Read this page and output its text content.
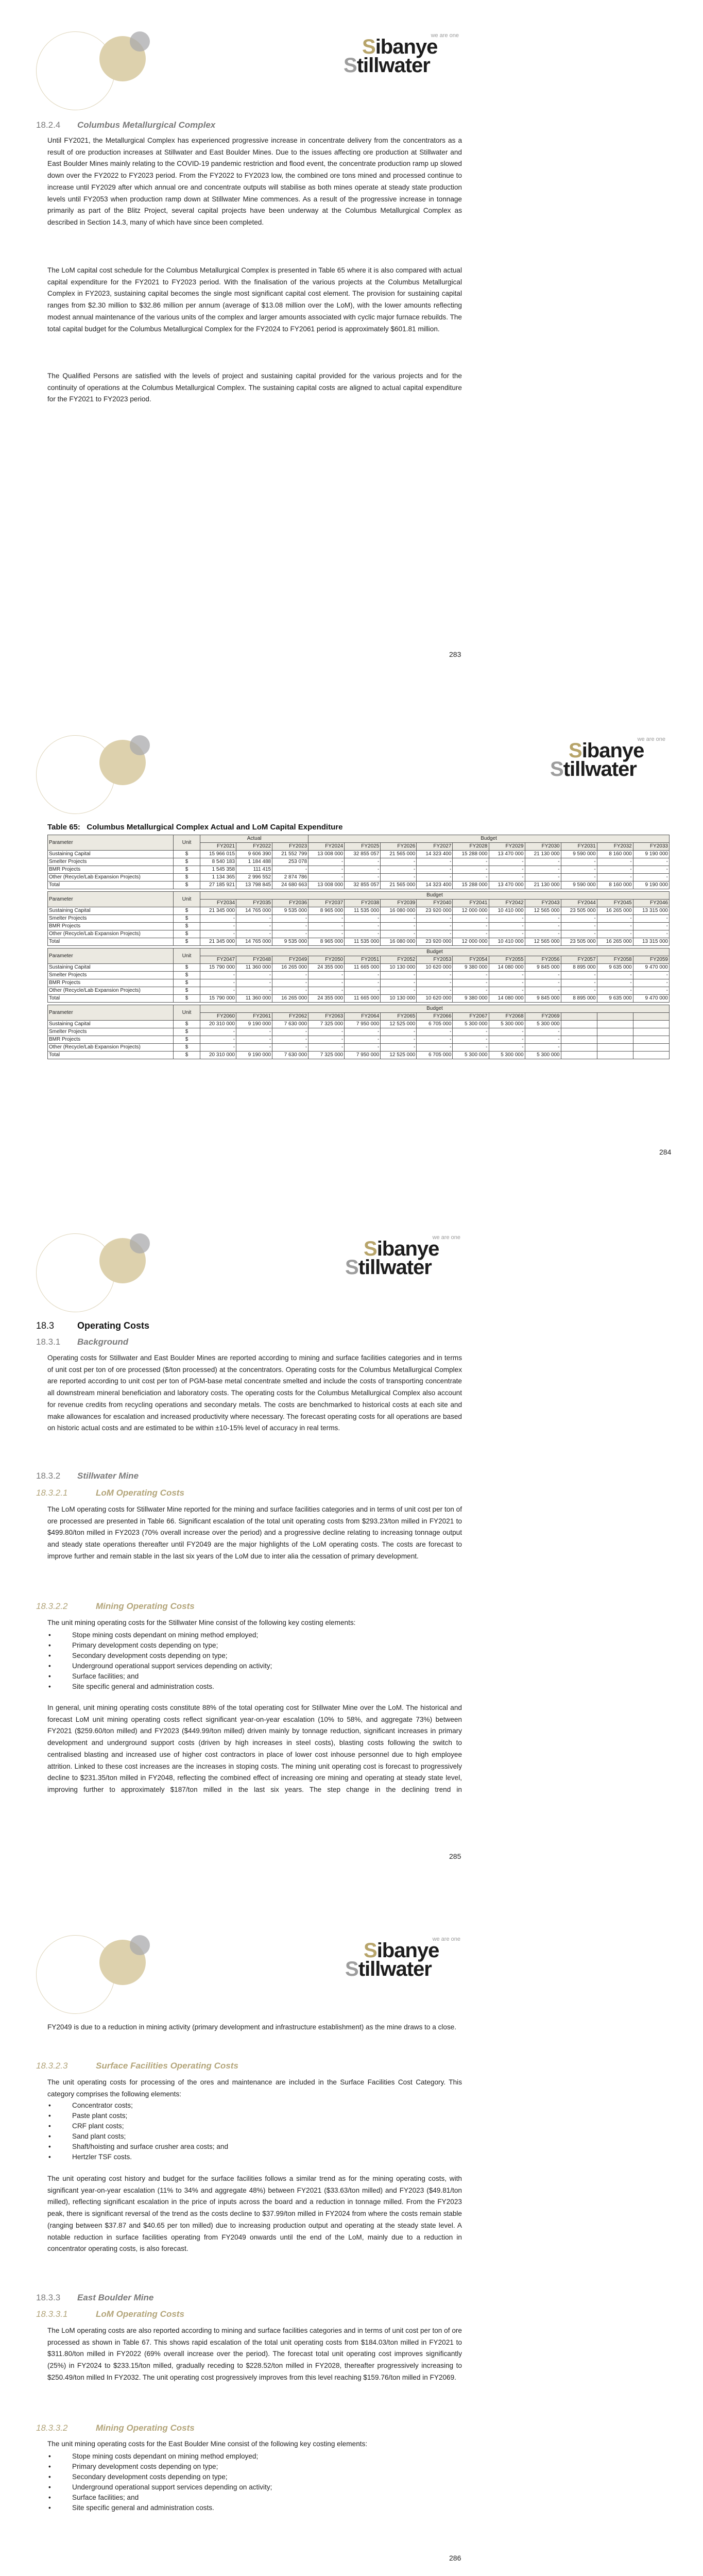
we are one
Sibanye
Stillwater
18.2.4 Columbus Metallurgical Complex
Until FY2021, the Metallurgical Complex has experienced progressive increase in concentrate delivery from the concentrators as a result of ore production increases at Stillwater and East Boulder Mines. Due to the issues affecting ore production at Stillwater and East Boulder Mines mainly relating to the COVID-19 pandemic restriction and flood event, the concentrate production ramp up slowed down over the FY2022 to FY2023 period. From the FY2022 to FY2023 low, the combined ore tons mined and processed continue to increase until FY2029 after which annual ore and concentrate outputs will stabilise as both mines operate at steady state production levels until FY2053 when production ramp down at Stillwater Mine commences. As a result of the progressive increase in tonnage primarily as part of the Blitz Project, several capital projects have been underway at the Columbus Metallurgical Complex as described in Section 14.3, many of which have since been completed.
The LoM capital cost schedule for the Columbus Metallurgical Complex is presented in Table 65 where it is also compared with actual capital expenditure for the FY2021 to FY2023 period. With the finalisation of the various projects at the Columbus Metallurgical Complex in FY2023, sustaining capital becomes the single most significant capital cost element. The provision for sustaining capital ranges from $2.30 million to $32.86 million per annum (average of $13.08 million over the LoM), with the lower amounts reflecting modest annual maintenance of the various units of the complex and larger amounts associated with cyclic major furnace rebuilds. The total capital budget for the Columbus Metallurgical Complex for the FY2024 to FY2061 period is approximately $601.81 million.
The Qualified Persons are satisfied with the levels of project and sustaining capital provided for the various projects and for the continuity of operations at the Columbus Metallurgical Complex. The sustaining capital costs are aligned to actual capital expenditure for the FY2021 to FY2023 period.
283
we are one
Sibanye
Stillwater
Table 65:   Columbus Metallurgical Complex Actual and LoM Capital Expenditure
Parameter	Unit	Actual			Budget									
		FY2021	FY2022	FY2023	FY2024	FY2025	FY2026	FY2027	FY2028	FY2029	FY2030	FY2031	FY2032	FY2033
Sustaining Capital	$	15 966 015	9 606 390	21 552 799	13 008 000	32 855 057	21 565 000	14 323 400	15 288 000	13 470 000	21 130 000	9 590 000	8 160 000	9 190 000
Smelter Projects	$	8 540 183	1 184 488	253 078	-	-	-	-	-	-	-	-	-	-
BMR Projects	$	1 545 358	111 415	-	-	-	-	-	-	-	-	-	-	-
Other (Recycle/Lab Expansion Projects)	$	1 134 365	2 996 552	2 874 786	-	-	-	-	-	-	-	-	-	-
Total	$	27 185 921	13 798 845	24 680 663	13 008 000	32 855 057	21 565 000	14 323 400	15 288 000	13 470 000	21 130 000	9 590 000	8 160 000	9 190 000

Parameter	Unit	Budget												
		FY2034	FY2035	FY2036	FY2037	FY2038	FY2039	FY2040	FY2041	FY2042	FY2043	FY2044	FY2045	FY2046
Sustaining Capital	$	21 345 000	14 765 000	9 535 000	8 965 000	11 535 000	16 080 000	23 920 000	12 000 000	10 410 000	12 565 000	23 505 000	16 265 000	13 315 000
Smelter Projects	$	-	-	-	-	-	-	-	-	-	-	-	-	-
BMR Projects	$	-	-	-	-	-	-	-	-	-	-	-	-	-
Other (Recycle/Lab Expansion Projects)	$	-	-	-	-	-	-	-	-	-	-	-	-	-
Total	$	21 345 000	14 765 000	9 535 000	8 965 000	11 535 000	16 080 000	23 920 000	12 000 000	10 410 000	12 565 000	23 505 000	16 265 000	13 315 000

Parameter	Unit	Budget												
		FY2047	FY2048	FY2049	FY2050	FY2051	FY2052	FY2053	FY2054	FY2055	FY2056	FY2057	FY2058	FY2059
Sustaining Capital	$	15 790 000	11 360 000	16 265 000	24 355 000	11 665 000	10 130 000	10 620 000	9 380 000	14 080 000	9 845 000	8 895 000	9 635 000	9 470 000
Smelter Projects	$	-	-	-	-	-	-	-	-	-	-	-	-	-
BMR Projects	$	-	-	-	-	-	-	-	-	-	-	-	-	-
Other (Recycle/Lab Expansion Projects)	$	-	-	-	-	-	-	-	-	-	-	-	-	-
Total	$	15 790 000	11 360 000	16 265 000	24 355 000	11 665 000	10 130 000	10 620 000	9 380 000	14 080 000	9 845 000	8 895 000	9 635 000	9 470 000

Parameter	Unit	Budget												
		FY2060	FY2061	FY2062	FY2063	FY2064	FY2065	FY2066	FY2067	FY2068	FY2069			
Sustaining Capital	$	20 310 000	9 190 000	7 630 000	7 325 000	7 950 000	12 525 000	6 705 000	5 300 000	5 300 000	5 300 000			
Smelter Projects	$	-	-	-	-	-	-	-	-	-	-			
BMR Projects	$	-	-	-	-	-	-	-	-	-	-			
Other (Recycle/Lab Expansion Projects)	$	-	-	-	-	-	-	-	-	-	-			
Total	$	20 310 000	9 190 000	7 630 000	7 325 000	7 950 000	12 525 000	6 705 000	5 300 000	5 300 000	5 300 000			
284
we are one
Sibanye
Stillwater
18.3 Operating Costs
18.3.1 Background
Operating costs for Stillwater and East Boulder Mines are reported according to mining and surface facilities categories and in terms of unit cost per ton of ore processed ($/ton processed) at the concentrators. Operating costs for the Columbus Metallurgical Complex are reported according to unit cost per ton of PGM-base metal concentrate smelted and include the costs of transporting concentrate all downstream mineral beneficiation and laboratory costs. The operating costs for the Columbus Metallurgical Complex also account for revenue credits from recycling operations and secondary metals. The costs are benchmarked to historical costs at each site and make allowances for escalation and increased productivity where necessary. The forecast operating costs for all operations are based on historic actual costs and are estimated to be within ±10-15% level of accuracy in real terms.
18.3.2 Stillwater Mine
18.3.2.1	LoM Operating Costs
The LoM operating costs for Stillwater Mine reported for the mining and surface facilities categories and in terms of unit cost per ton of ore processed are presented in Table 66. Significant escalation of the total unit operating costs from $293.23/ton milled in FY2021 to $499.80/ton milled in FY2023 (70% overall increase over the period) and a progressive decline relating to increasing tonnage output and steady state operations thereafter until FY2049 are the major highlights of the LoM operating costs. The costs are forecast to improve further and remain stable in the last six years of the LoM due to inter alia the cessation of primary development.
18.3.2.2	Mining Operating Costs
The unit mining operating costs for the Stillwater Mine consist of the following key costing elements:
•	Stope mining costs dependant on mining method employed;
•	Primary development costs depending on type;
•	Secondary development costs depending on type;
•	Underground operational support services depending on activity;
•	Surface facilities; and
•	Site specific general and administration costs.
In general, unit mining operating costs constitute 88% of the total operating cost for Stillwater Mine over the LoM. The historical and forecast LoM unit mining operating costs reflect significant year-on-year escalation (10% to 58%, and aggregate 73%) between FY2021 ($259.60/ton milled) and FY2023 ($449.99/ton milled) driven mainly by tonnage reduction, significant increases in primary development and underground support costs (driven by high increases in steel costs), blasting costs following the switch to centralised blasting and increased use of higher cost contractors in place of lower cost inhouse personnel due to high employee attrition. Linked to these cost increases are the increases in stoping costs. The mining unit operating cost is forecast to progressively decline to $231.35/ton milled in FY2048, reflecting the combined effect of increasing ore mining and operating at steady state level, improving further to approximately $187/ton milled in the last six years. The step change in the declining trend in
285
we are one
Sibanye
Stillwater
FY2049 is due to a reduction in mining activity (primary development and infrastructure establishment) as the mine draws to a close.
18.3.2.3	Surface Facilities Operating Costs
The unit operating costs for processing of the ores and maintenance are included in the Surface Facilities Cost Category. This category comprises the following elements:
•	Concentrator costs;
•	Paste plant costs;
•	CRF plant costs;
•	Sand plant costs;
•	Shaft/hoisting and surface crusher area costs; and
•	Hertzler TSF costs.
The unit operating cost history and budget for the surface facilities follows a similar trend as for the mining operating costs, with significant year-on-year escalation (11% to 34% and aggregate 48%) between FY2021 ($33.63/ton milled) and FY2023 ($49.81/ton milled), reflecting significant escalation in the price of inputs across the board and a reduction in tonnage milled. From the FY2023 peak, there is significant reversal of the trend as the costs decline to $37.99/ton milled in FY2024 from where the costs remain stable (ranging between $37.87 and $40.65 per ton milled) due to increasing production output and operating at the steady state level. A notable reduction in surface facilities operating from FY2049 onwards until the end of the LoM, mainly due to a reduction in concentrator operating costs, is also forecast.
18.3.3 East Boulder Mine
18.3.3.1	LoM Operating Costs
The LoM operating costs are also reported according to mining and surface facilities categories and in terms of unit cost per ton of ore processed as shown in Table 67. This shows rapid escalation of the total unit operating costs from $184.03/ton milled in FY2021 to $311.80/ton milled in FY2022 (69% overall increase over the period). The forecast total unit operating cost improves significantly (25%) in FY2024 to $233.15/ton milled, gradually receding to $228.52/ton milled in FY2028, thereafter progressively increasing to $250.49/ton milled In FY2032. The unit operating cost progressively improves from this level reaching $159.76/ton milled in FY2069.
18.3.3.2	Mining Operating Costs
The unit mining operating costs for the East Boulder Mine consist of the following key costing elements:
•	Stope mining costs dependant on mining method employed;
•	Primary development costs depending on type;
•	Secondary development costs depending on type;
•	Underground operational support services depending on activity;
•	Surface facilities; and
•	Site specific general and administration costs.
286
